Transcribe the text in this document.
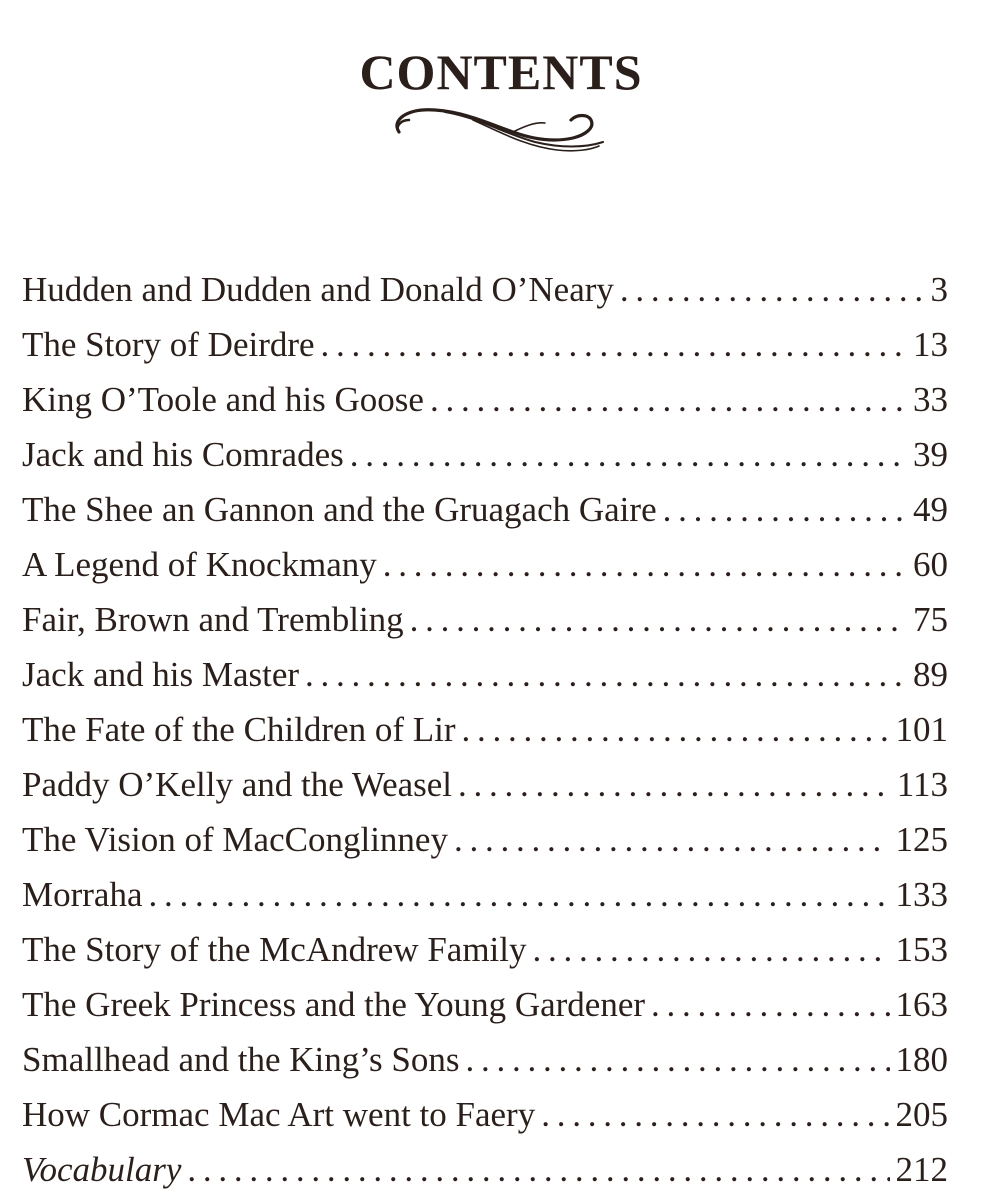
CONTENTS
Hudden and Dudden and Donald O’Neary . . .	3
The Story of Deirdre . . .	13
King O’Toole and his Goose . . .	33
Jack and his Comrades . . .	39
The Shee an Gannon and the Gruagach Gaire . . .	49
A Legend of Knockmany . . .	60
Fair, Brown and Trembling . . .	75
Jack and his Master . . .	89
The Fate of the Children of Lir . . .	101
Paddy O’Kelly and the Weasel . . .	113
The Vision of MacConglinney . . .	125
Morraha . . .	133
The Story of the McAndrew Family . . .	153
The Greek Princess and the Young Gardener . . .	163
Smallhead and the King’s Sons . . .	180
How Cormac Mac Art went to Faery . . .	205
Vocabulary . . .	212
